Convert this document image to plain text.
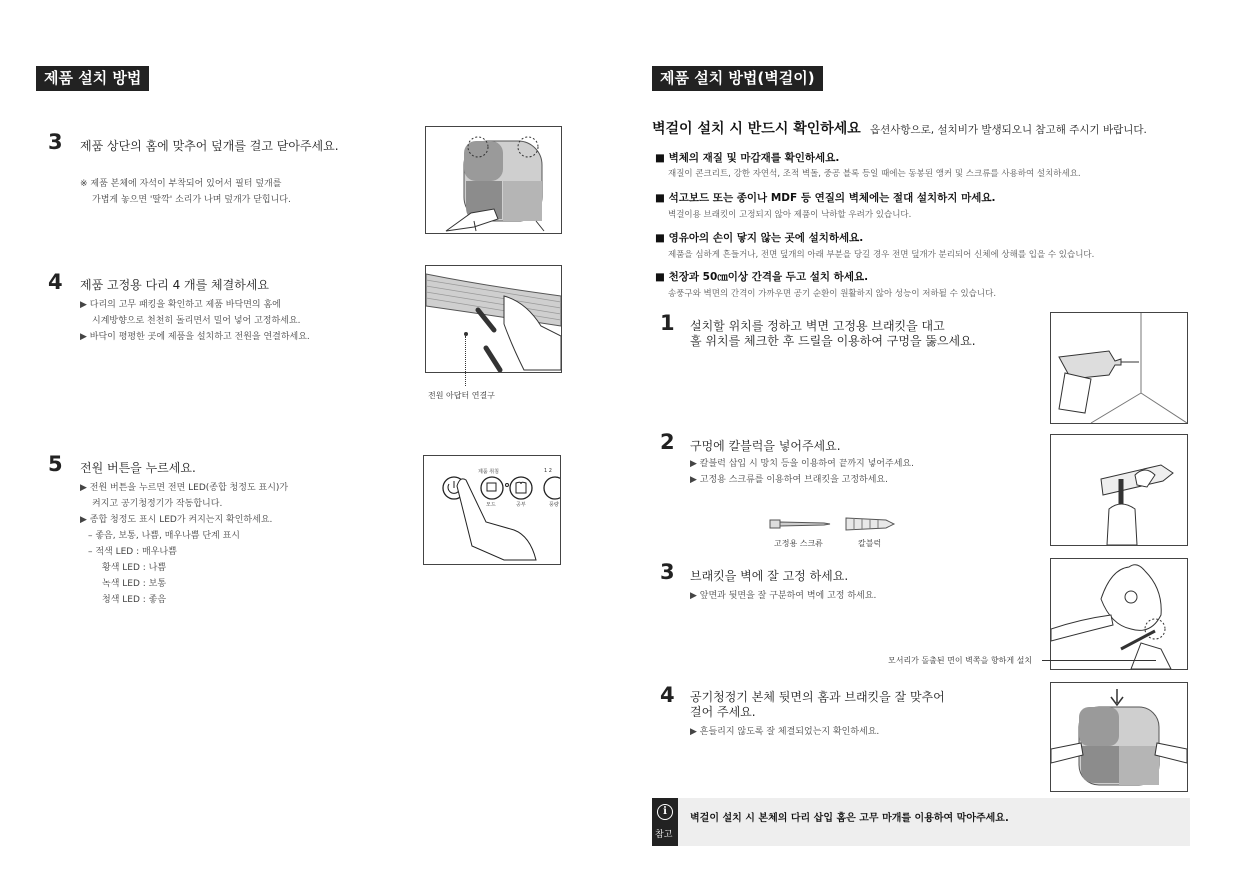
제품 설치 방법
3 제품 상단의 홈에 맞추어 덮개를 걸고 닫아주세요.
※ 제품 본체에 자석이 부착되어 있어서 필터 덮개를
가볍게 놓으면 '딸깍' 소리가 나며 덮개가 닫힙니다.
4 제품 고정용 다리 4 개를 체결하세요
▶ 다리의 고무 패킹을 확인하고 제품 바닥면의 홈에
시계방향으로 천천히 돌리면서 밀어 넣어 고정하세요.
▶ 바닥이 평평한 곳에 제품을 설치하고 전원을 연결하세요.
전원 아답터 연결구
5 전원 버튼을 누르세요.
▶ 전원 버튼을 누르면 전면 LED(종합 청정도 표시)가
켜지고 공기청정기가 작동합니다.
▶ 종합 청정도 표시 LED가 켜지는지 확인하세요.
– 좋음, 보통, 나쁨, 매우나쁨 단계 표시
– 적색 LED : 매우나쁨
황색 LED : 나쁨
녹색 LED : 보통
청색 LED : 좋음
제품 취침	1 2
모드	공부	풍량
제품 설치 방법(벽걸이)
벽걸이 설치 시 반드시 확인하세요 옵션사항으로, 설치비가 발생되오니 참고해 주시기 바랍니다.
■ 벽체의 재질 및 마감재를 확인하세요.
재질이 콘크리트, 강한 자연석, 조적 벽돌, 중공 블록 등일 때에는 동봉된 앵커 및 스크류를 사용하여 설치하세요.
■ 석고보드 또는 종이나 MDF 등 연질의 벽체에는 절대 설치하지 마세요.
벽걸이용 브래킷이 고정되지 않아 제품이 낙하할 우려가 있습니다.
■ 영유아의 손이 닿지 않는 곳에 설치하세요.
제품을 심하게 흔들거나, 전면 덮개의 아래 부분을 당길 경우 전면 덮개가 분리되어 신체에 상해를 입을 수 있습니다.
■ 천장과 50㎝이상 간격을 두고 설치 하세요.
송풍구와 벽면의 간격이 가까우면 공기 순환이 원활하지 않아 성능이 저하될 수 있습니다.
1 설치할 위치를 정하고 벽면 고정용 브래킷을 대고
홀 위치를 체크한 후 드릴을 이용하여 구멍을 뚫으세요.
2 구멍에 칼블럭을 넣어주세요.
▶ 칼블럭 삽입 시 망치 등을 이용하여 끝까지 넣어주세요.
▶ 고정용 스크류를 이용하여 브래킷을 고정하세요.
고정용 스크류	칼블럭
3 브래킷을 벽에 잘 고정 하세요.
▶ 앞면과 뒷면을 잘 구분하여 벽에 고정 하세요.
모서리가 돌출된 면이 벽쪽을 향하게 설치
4 공기청정기 본체 뒷면의 홈과 브래킷을 잘 맞추어
걸어 주세요.
▶ 흔들리지 않도록 잘 체결되었는지 확인하세요.
i
참고
벽걸이 설치 시 본체의 다리 삽입 홈은 고무 마개를 이용하여 막아주세요.
